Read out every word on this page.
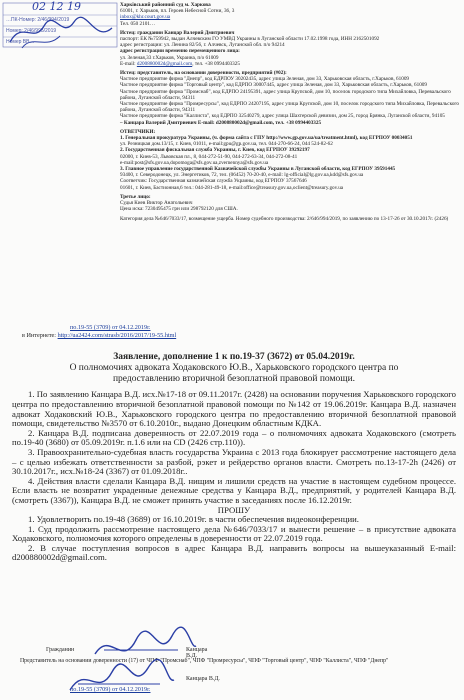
02 12 19
…ПК-Номер: 2/46/994/2019
Номер: 2/46/995/2019
Номер ВВ…

Харківський районний суд м. Харкова

61001, г. Харьков, пл. Героев Небесной Сотни, 36, 3

inbox@khr.court.gov.ua

Тел. 050 2101…

Истец: гражданин Канцар Валерий Дмитриевич

паспорт: ЕК №759942, выдан Алчевским ГО УМВД Украины в Луганской области 17.02.1998 года, ИНН 2162501092

адрес регистрации: ул. Ленина 82/56, г. Алчевск, Луганской обл. п/о 94214

адрес регистрации временно перемещенного лица:

ул. Зеленая,33 г.Харьков, Украина, п/о 61009

E-mail: d200880002d@gmail.com, тел. +38 0994403325

Истец: представитель, на основании доверенности, предприятий (#02):

Частное предприятие фирма "Днепр", код ЕДРПОУ 30202435, адрес улица Зеленая, дом 33, Харьковская область, г.Харьков, 61009

Частное предприятие фирма "Торговый центр", код ЕДРПО 30007445, адрес улица Зеленая, дом 33, Харьковская область, г.Харьков, 61009

Частное предприятие фирма "Промснаб", код ЕДРПО 24195391, адрес улица Крупской, дом 10, поселок городского типа Михайловка, Перевальского района, Луганской области, 94311

Частное предприятие фирма "Промресурсы", код ЕДРПО 24207195, адрес улица Крупской, дом 10, поселок городского типа Михайловка, Перевальского района, Луганской области, 94311

Частное предприятие фирма "Каллиста", код ЕДРПО 32540279, адрес улица Шахтерской девизии, дом 25, город Брянка, Луганской области, 94105

– Канцара Валерий Дмитриевич E-mail: d200880002d@gmail.com, тел. +38 0994403325

ОТВЕТЧИКИ:

1. Генеральная прокуратура Украины, (ч. форма сайта с ГПУ http://www.gp.gov.ua/ua/treatment.html), код ЕГРПОУ 00034051

ул. Резницкая дом.13/15, г. Киев, 01011, e-mail:gpu@gp.gov.ua, тел. 044-270-66-24, 044 524-82-62

2. Государственная фискальная служба Украины, г. Киев, код ЕГРПОУ 39292197

02000, г. Киев-53, Львовская пл., 8, 044-272-51-90, 044-272-63-34, 044-272-08-41

e-mail:post@sfs.gov.ua,dopomoga@sfs.gov.ua,zvernennya@sfs.gov.ua

3. Главное управление государственной Казначейской службы Украины в Луганской области, код ЕГРПОУ 39591445

93400, г. Северодонецк, ул. Энергетиков, 72, тел. (06452) 70-20-40, e-mail: lg-official@lg.gov.ua,kdd@sfs.gov.ua

Соответчик: Государственная казначейская служба Украины, код ЕГРПОУ 37567646

01601, г. Киев, Бастионная,6 тел.: 044-281-49-18, e-mail:office@treasury.gov.ua,oclient@treasury.gov.ua

Третье лицо:

Судья Киев Виктор Анатольевич

Цена иска: 7230495475 грн или 298792120 для США.

Категория дела №646/7033/17, возмещение ущерба. Номер судебного производства: 2/646/994/2019, по заявлению по 13-17-26 от 30.10.2017г. (2426)

по.19-55 (3709) от 04.12.2019г.

в Интернете: http://ua2424.com/strasb/2016/2017/19-55.html

Заявление, дополнение 1 к по.19-37 (3672) от 05.04.2019г.

О полномочиях адвоката Ходаковского Ю.В., Харьковского городского центра по

предоставлению вторичной безоплатной правовой помощи.

1. По заявлению Канцара В.Д. исх.№17-18 от 09.11.2017г. (2428) на основании поручения Харьковского городского центра по предоставлению вторичной безоплатной правовой помощи по №142 от 19.06.2019г. Канцара В.Д. назначен адвокат Ходаковский Ю.В., Харьковского городского центра по предоставлению вторичной безоплатной правовой помощи, свидетельство №3570 от 6.10.2010г., выдано Донецким областным КДКА.

2. Канцара В.Д. подписана доверенность от 22.07.2019 года – о полномочиях адвоката Ходаковского (смотреть по.19-40 (3680) от 05.09.2019г. п.1.6 или на CD (2426 стр.110)).

3. Правоохранительно-судебная власть государства Украина с 2013 года блокирует рассмотрение настоящего дела – с целью избежать ответственности за разбой, рэкет и рейдерство органов власти. Смотреть по.13-17-2h (2426) от 30.10.2017г., исх.№18-24 (3367) от 01.09.2018г..

4. Действия власти сделали Канцара В.Д. нищим и лишили средств на участие в настоящем судебном процессе. Если власть не возвратит украденные денежные средства у Канцара В.Д., предприятий, у родителей Канцара В.Д. (смотреть (3367)), Канцара В.Д. не сможет принять участие в заседаниях после 16.12.2019г.

ПРОШУ

1. Удовлетворить по.19-48 (3689) от 16.10.2019г. в части обеспечения видеоконференции.

1. Суд продолжить рассмотрение настоящего дела №646/7033/17 и вынести решение – в присутствие адвоката Ходаковского, полномочия которого определены в доверенности от 22.07.2019 года.

2. В случае поступления вопросов в адрес Канцара В.Д. направить вопросы на вышеуказанный E-mail: d200880002d@gmail.com.

Гражданин	Канцара В.Д.
Представитель на основании доверенности (17) от ЧПФ "Промснаб", ЧПФ "Промресурсы", ЧПФ "Торговый центр", ЧПФ "Каллиста", ЧПФ "Днепр"
Канцара В.Д.
по.19-55 (3709) от 04.12.2019г.
